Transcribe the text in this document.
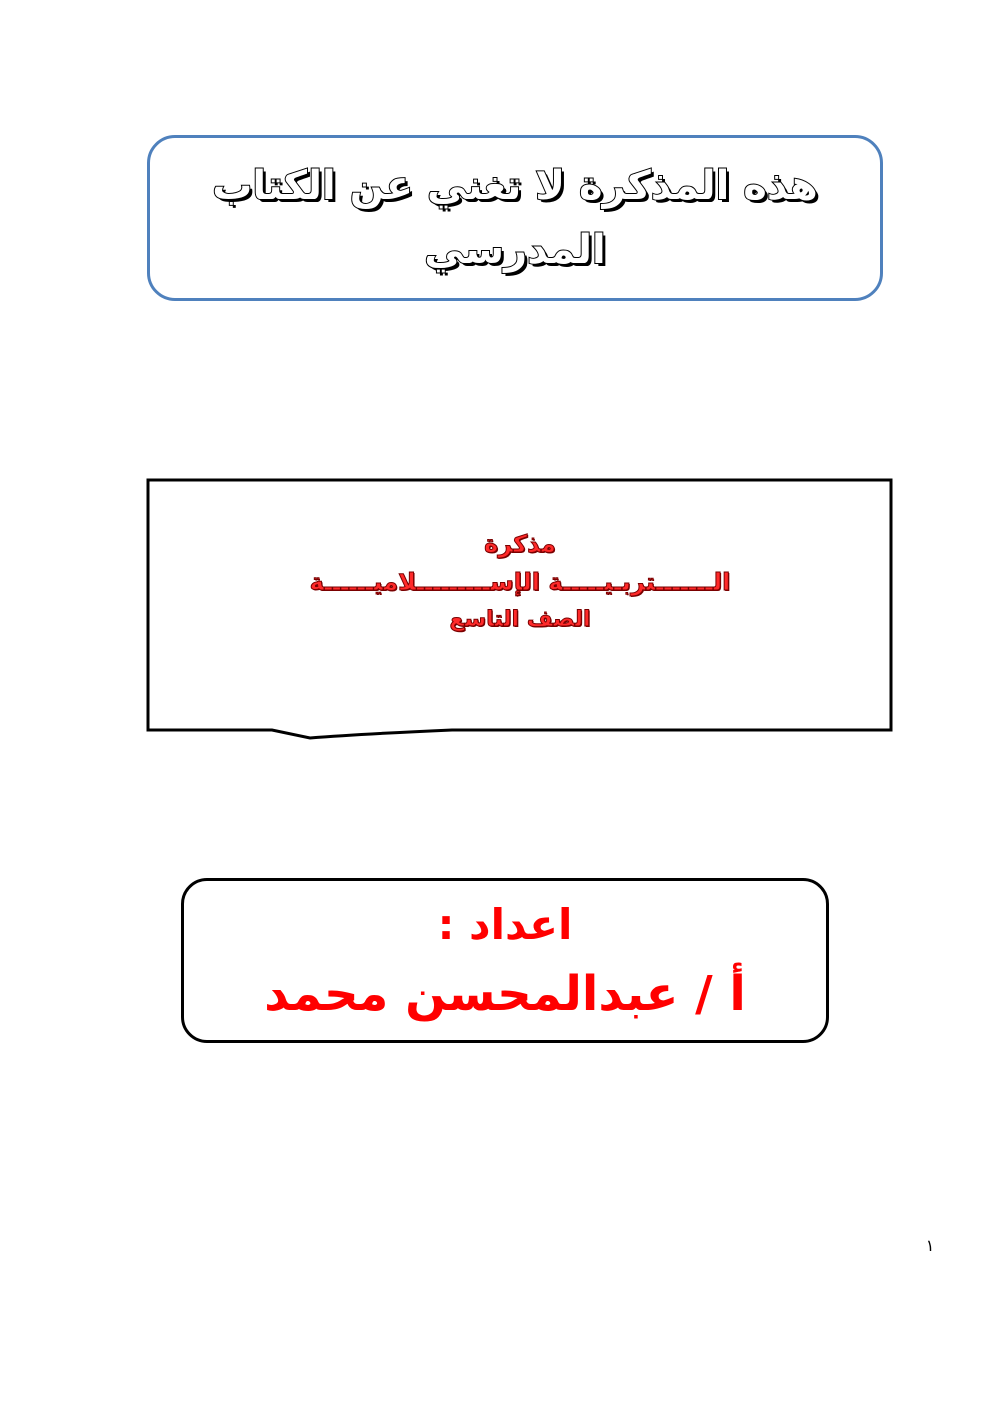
هذه المذكرة لا تغني عن الكتاب
المدرسي
مذكرة
الـــــــتربـيـــــة الإســـــــــلاميــــــة
الصف التاسع
اعداد :
أ / عبدالمحسن محمد
١
